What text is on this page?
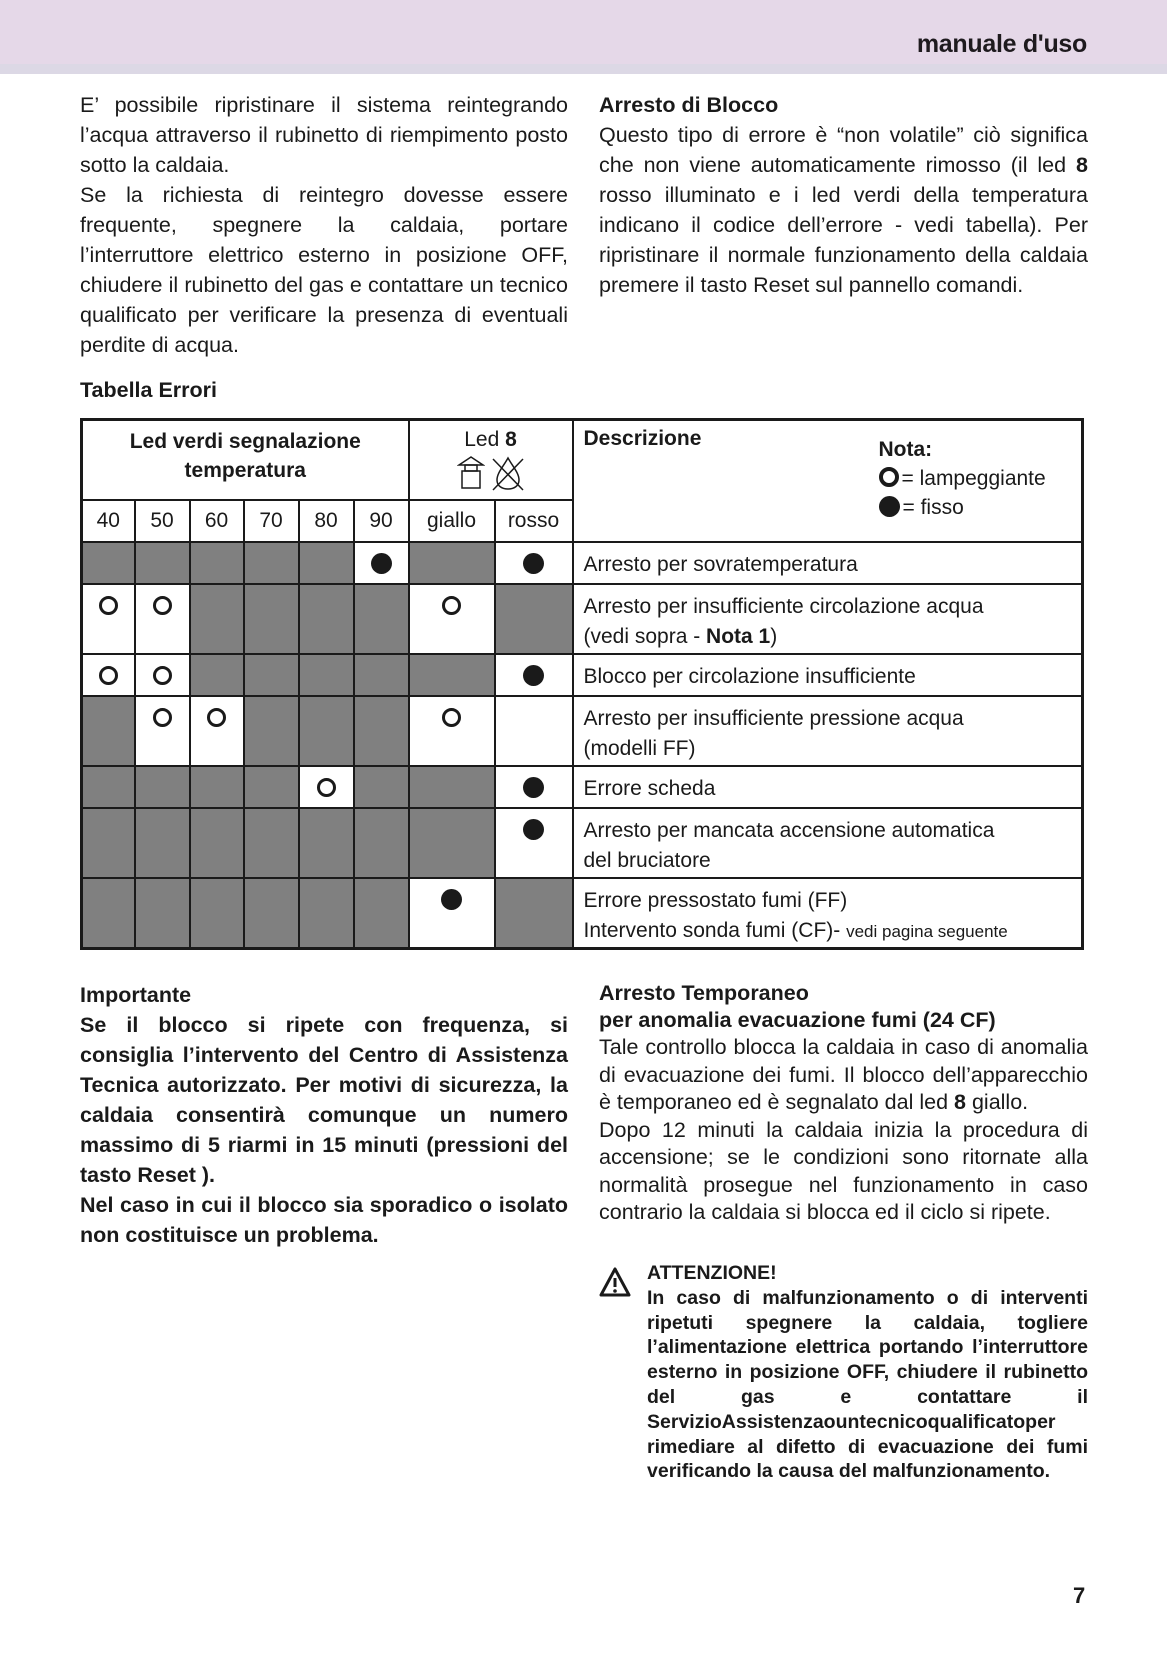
manuale d'uso

E’ possibile ripristinare il sistema reintegrando l’acqua attraverso il rubinetto di riempimento posto sotto la caldaia.

Se la richiesta di reintegro dovesse essere frequente, spegnere la caldaia, portare l’interruttore elettrico esterno in posizione OFF, chiudere il rubinetto del gas e contattare un tecnico qualificato per verificare la presenza di eventuali perdite di acqua.

Arresto di Blocco

Questo tipo di errore è “non volatile” ciò significa che non viene automaticamente rimosso (il led 8 rosso illuminato e i led verdi della temperatura indicano il codice dell’errore - vedi tabella). Per ripristinare il normale funzionamento della caldaia premere il tasto Reset sul pannello comandi.

Tabella Errori
Led verdi segnalazione temperatura						Led 8		Descrizione Nota:
= lampeggiante
= fisso

40	50	60	70	80	90	giallo	rosso	

								Arresto per sovratemperatura

								Arresto per insufficiente circolazione acqua
(vedi sopra - Nota 1)

								Blocco per circolazione insufficiente

								Arresto per insufficiente pressione acqua
(modelli FF)

								Errore scheda

								Arresto per mancata accensione automatica
del bruciatore

								Errore pressostato fumi (FF)
Intervento sonda fumi (CF)- vedi pagina seguente

Importante

Se il blocco si ripete con frequenza, si consiglia l’intervento del Centro di Assistenza Tecnica autorizzato. Per motivi di sicurezza, la caldaia consentirà comunque un numero massimo di 5 riarmi in 15 minuti (pressioni del tasto Reset ).

Nel caso in cui il blocco sia sporadico o isolato non costituisce un problema.

Arresto Temporaneo

per anomalia evacuazione fumi (24 CF)

Tale controllo blocca la caldaia in caso di anomalia di evacuazione dei fumi. Il blocco dell’apparecchio è temporaneo ed è segnalato dal led 8 giallo.

Dopo 12 minuti la caldaia inizia la procedura di accensione; se le condizioni sono ritornate alla normalità prosegue nel funzionamento in caso contrario la caldaia si blocca ed il ciclo si ripete.

ATTENZIONE!

In caso di malfunzionamento o di interventi ripetuti spegnere la caldaia, togliere l’alimentazione elettrica portando l’interruttore esterno in posizione OFF, chiudere il rubinetto del gas e contattare il ServizioAssistenzaountecnicoqualificatoper rimediare al difetto di evacuazione dei fumi verificando la causa del malfunzionamento.

7
